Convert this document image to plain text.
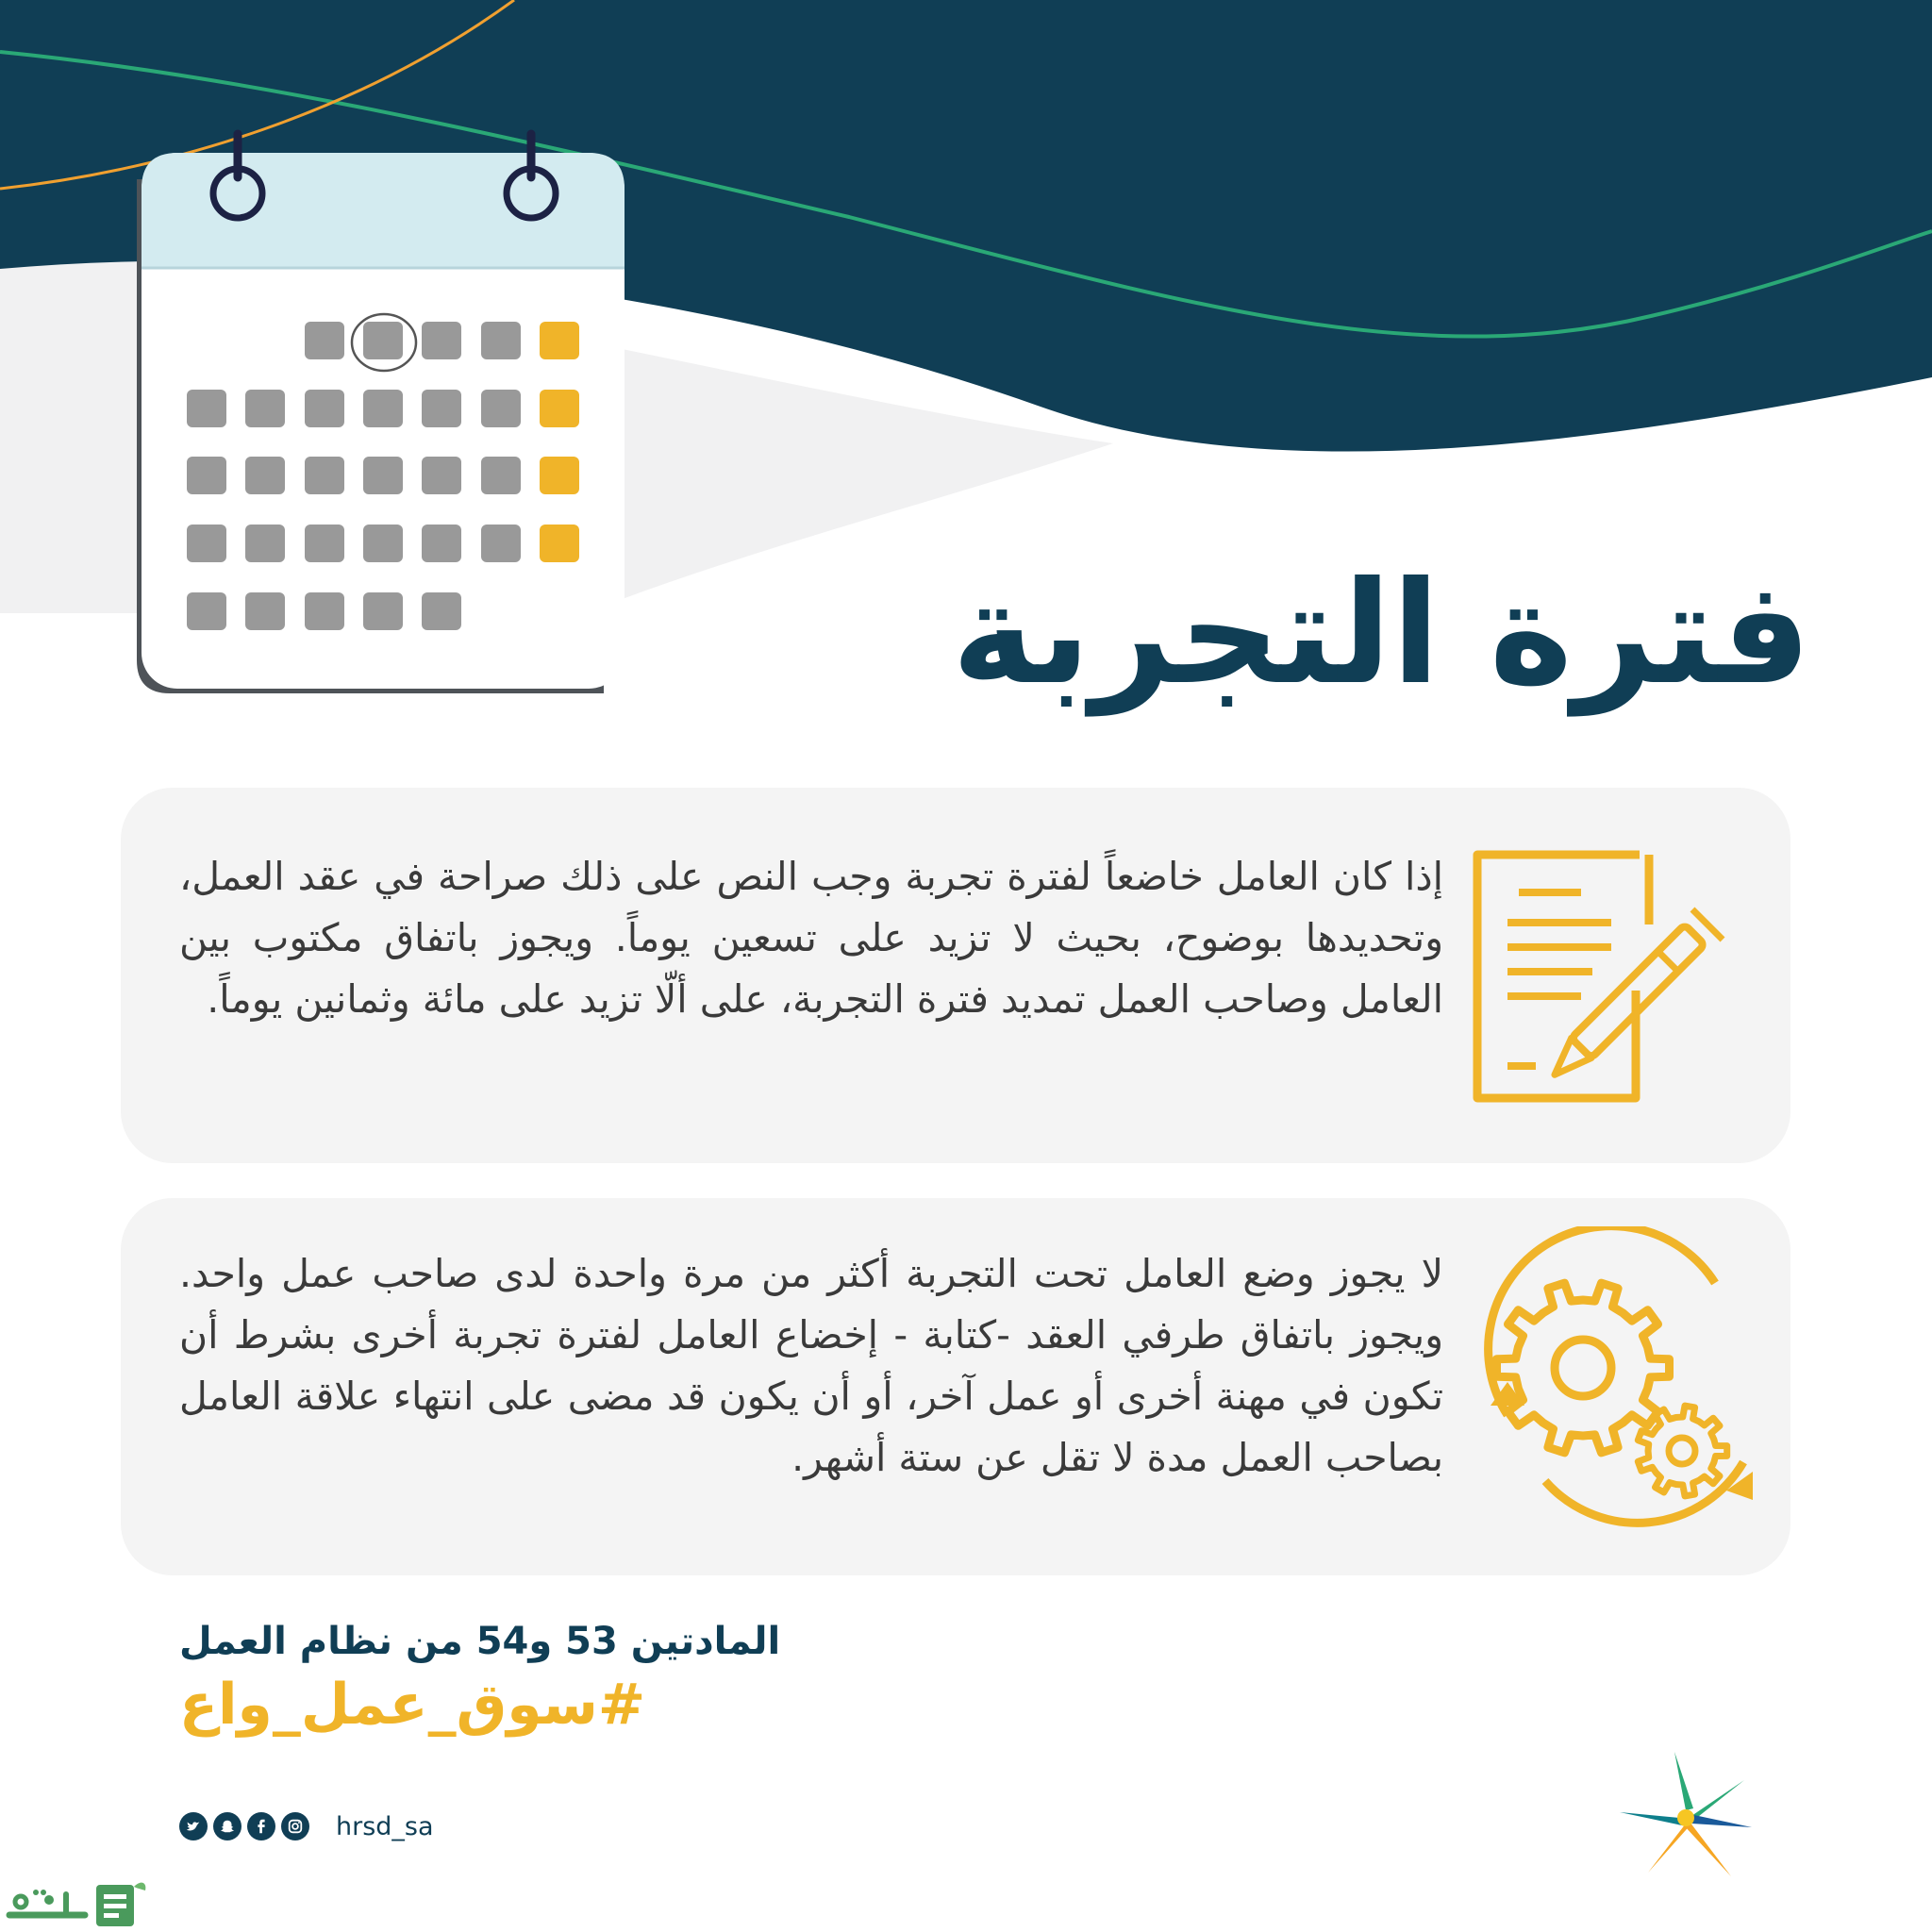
فترة التجربة

إذا كان العامل خاضعاً لفترة تجربة وجب النص على ذلك صراحة في عقد العمل، وتحديدها بوضوح، بحيث لا تزيد على تسعين يوماً. ويجوز باتفاق مكتوب بين العامل وصاحب العمل تمديد فترة التجربة، على ألّا تزيد على مائة وثمانين يوماً.

لا يجوز وضع العامل تحت التجربة أكثر من مرة واحدة لدى صاحب عمل واحد. ويجوز باتفاق طرفي العقد -كتابة - إخضاع العامل لفترة تجربة أخرى بشرط أن تكون في مهنة أخرى أو عمل آخر، أو أن يكون قد مضى على انتهاء علاقة العامل بصاحب العمل مدة لا تقل عن ستة أشهر.

المادتين 53 و54 من نظام العمل

#سوق_عمل_واع

hrsd_sa
